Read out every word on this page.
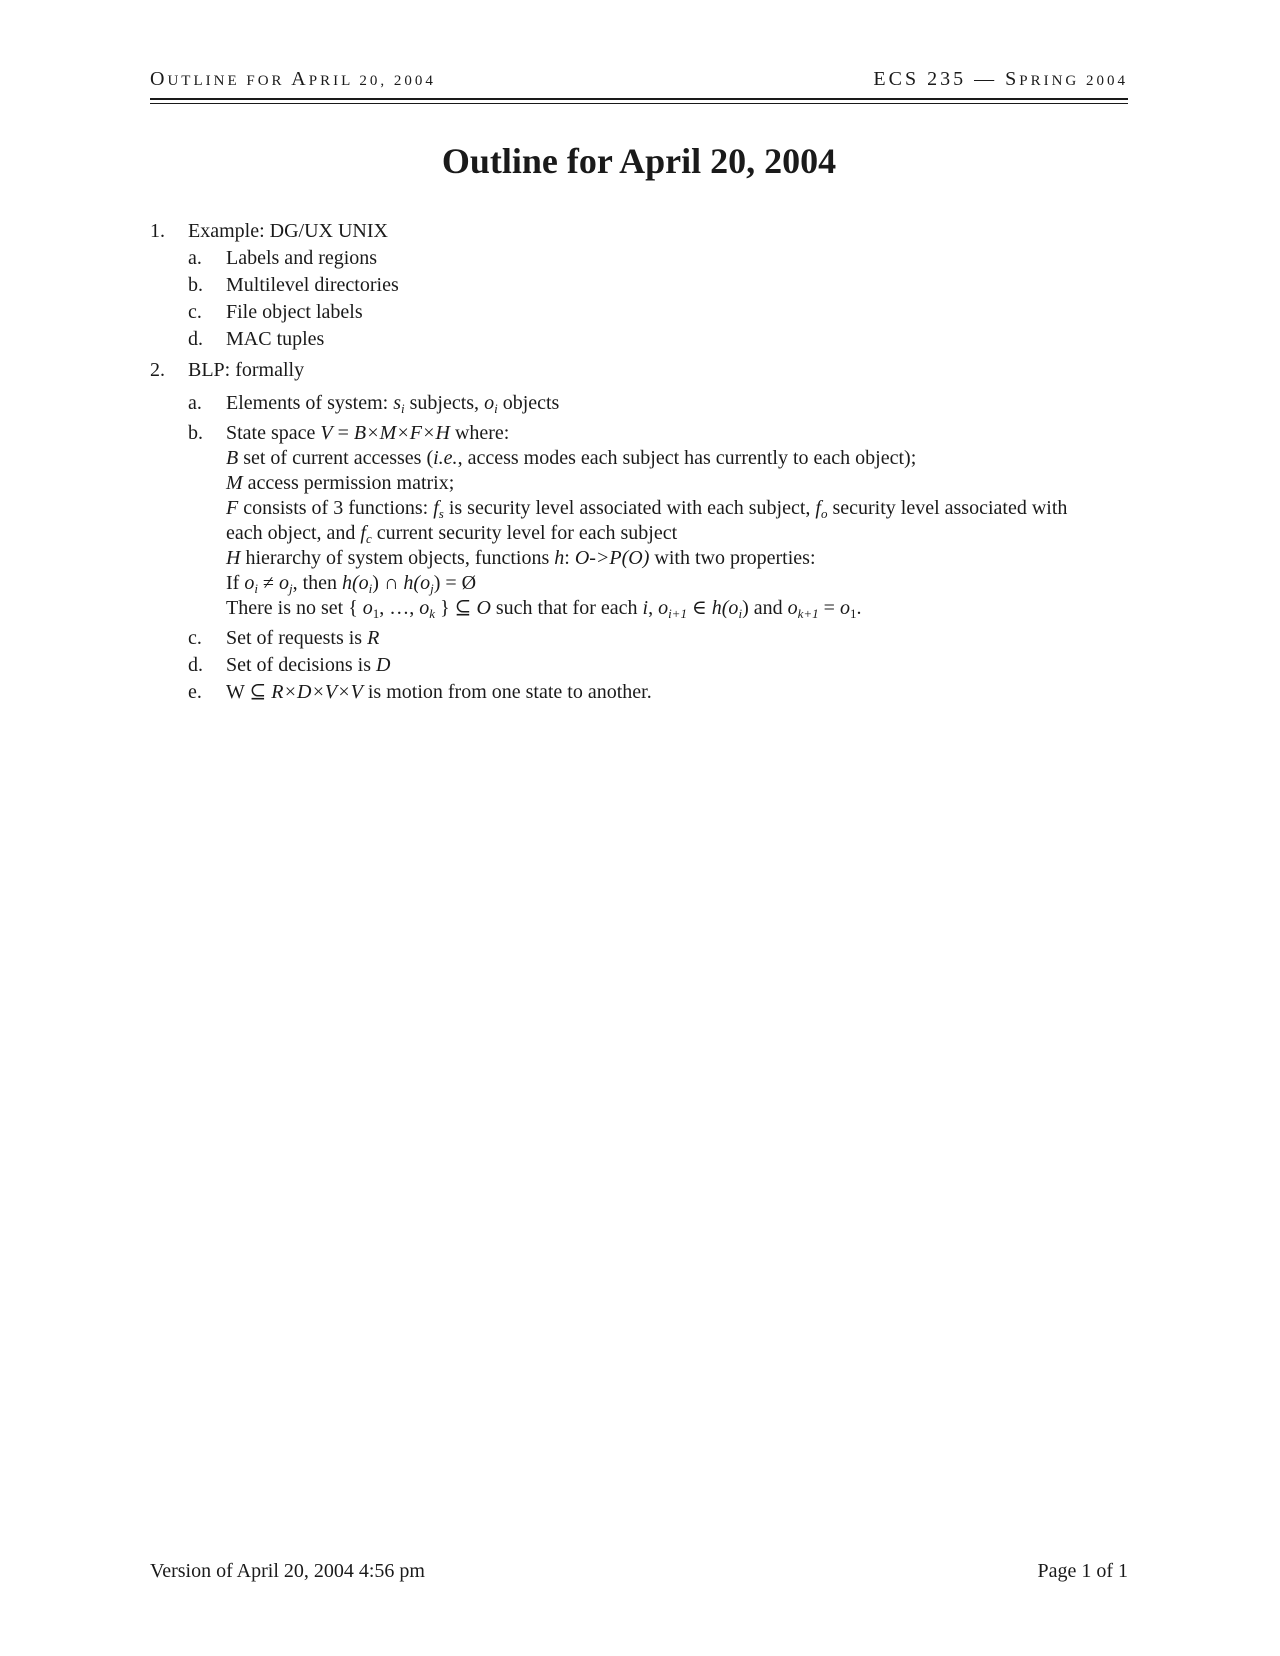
OUTLINE FOR APRIL 20, 2004	ECS 235 — SPRING 2004
Outline for April 20, 2004
1. Example: DG/UX UNIX
a. Labels and regions
b. Multilevel directories
c. File object labels
d. MAC tuples
2. BLP: formally
a. Elements of system: $s_i$ subjects, $o_i$ objects
b. State space V = B×M×F×H where:
B set of current accesses (i.e., access modes each subject has currently to each object);
M access permission matrix;
F consists of 3 functions: $f_s$ is security level associated with each subject, $f_o$ security level associated with
each object, and $f_c$ current security level for each subject
H hierarchy of system objects, functions h: O->P(O) with two properties:
If $o_i \ne o_j$, then $h(o_i)$ ∩ $h(o_j)$ = Ø
There is no set { $o_1$, …, $o_k$ } ⊆ O such that for each i, $o_{i+1}$ ∈ $h(o_i)$ and $o_{k+1} = o_1$.
c. Set of requests is R
d. Set of decisions is D
e. W ⊆ R×D×V×V is motion from one state to another.
Version of April 20, 2004 4:56 pm	Page 1 of 1
